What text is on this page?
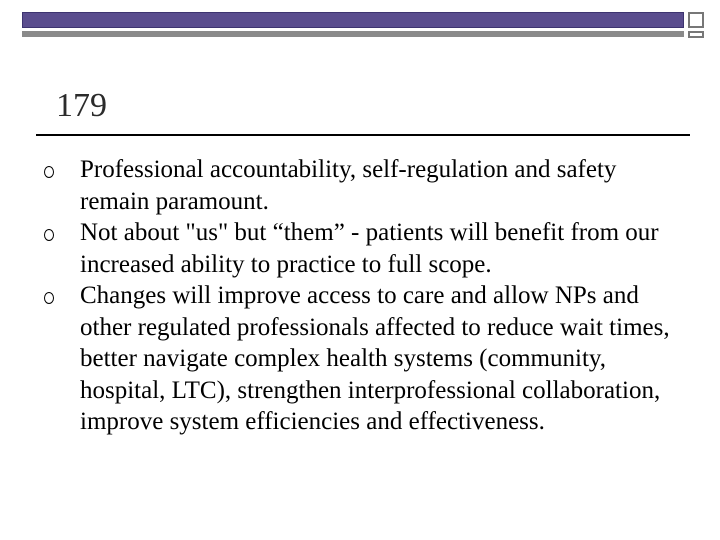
179
Professional accountability, self-regulation and safety remain paramount.
Not about "us" but “them” - patients will benefit from our increased ability to practice to full scope.
Changes will improve access to care and allow NPs and other regulated professionals affected to reduce wait times, better navigate complex health systems (community, hospital, LTC), strengthen interprofessional collaboration, improve system efficiencies and effectiveness.
